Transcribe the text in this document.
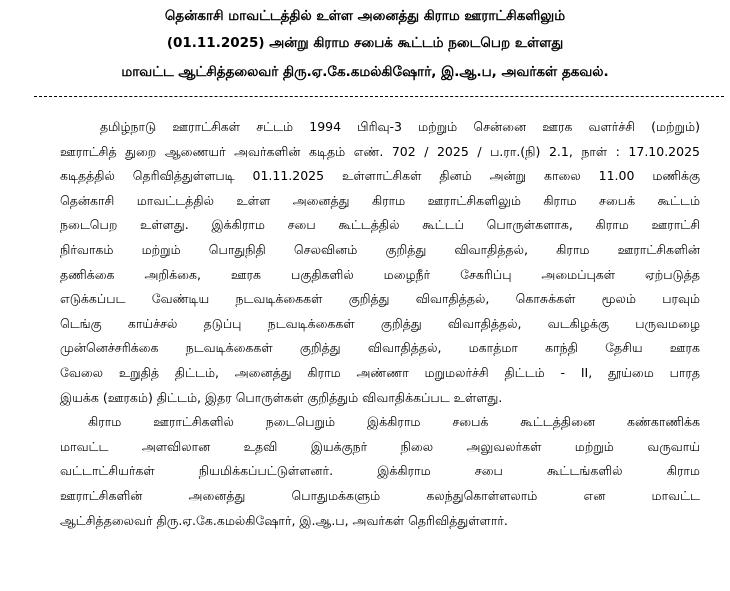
தென்காசி மாவட்டத்தில் உள்ள அனைத்து கிராம ஊராட்சிகளிலும்
(01.11.2025) அன்று கிராம சபைக் கூட்டம் நடைபெற உள்ளது
மாவட்ட ஆட்சித்தலைவர் திரு.ஏ.கே.கமல்கிஷோர், இ.ஆ.ப, அவர்கள் தகவல்.
தமிழ்நாடு ஊராட்சிகள் சட்டம் 1994 பிரிவு-3 மற்றும் சென்னை ஊரக வளர்ச்சி (மற்றும்)
ஊராட்சித் துறை ஆணையர் அவர்களின் கடிதம் எண். 702 / 2025 / ப.ரா.(நி) 2.1, நாள் : 17.10.2025
கடிதத்தில் தெரிவித்துள்ளபடி 01.11.2025 உள்ளாட்சிகள் தினம் அன்று காலை 11.00 மணிக்கு
தென்காசி மாவட்டத்தில் உள்ள அனைத்து கிராம ஊராட்சிகளிலும் கிராம சபைக் கூட்டம்
நடைபெற உள்ளது. இக்கிராம சபை கூட்டத்தில் கூட்டப் பொருள்களாக, கிராம ஊராட்சி
நிர்வாகம் மற்றும் பொதுநிதி செலவினம் குறித்து விவாதித்தல், கிராம ஊராட்சிகளின்
தணிக்கை அறிக்கை, ஊரக பகுதிகளில் மழைநீர் சேகரிப்பு அமைப்புகள் ஏற்படுத்த
எடுக்கப்பட வேண்டிய நடவடிக்கைகள் குறித்து விவாதித்தல், கொசுக்கள் மூலம் பரவும்
டெங்கு காய்ச்சல் தடுப்பு நடவடிக்கைகள் குறித்து விவாதித்தல், வடகிழக்கு பருவமழை
முன்னெச்சரிக்கை நடவடிக்கைகள் குறித்து விவாதித்தல், மகாத்மா காந்தி தேசிய ஊரக
வேலை உறுதித் திட்டம், அனைத்து கிராம அண்ணா மறுமலர்ச்சி திட்டம் - II, தூய்மை பாரத
இயக்க (ஊரகம்) திட்டம், இதர பொருள்கள் குறித்தும் விவாதிக்கப்பட உள்ளது.
கிராம ஊராட்சிகளில் நடைபெறும் இக்கிராம சபைக் கூட்டத்தினை கண்காணிக்க
மாவட்ட அளவிலான உதவி இயக்குநர் நிலை அலுவலர்கள் மற்றும் வருவாய்
வட்டாட்சியர்கள் நியமிக்கப்பட்டுள்ளனர். இக்கிராம சபை கூட்டங்களில் கிராம
ஊராட்சிகளின் அனைத்து பொதுமக்களும் கலந்துகொள்ளலாம் என மாவட்ட
ஆட்சித்தலைவர் திரு.ஏ.கே.கமல்கிஷோர், இ.ஆ.ப, அவர்கள் தெரிவித்துள்ளார்.
